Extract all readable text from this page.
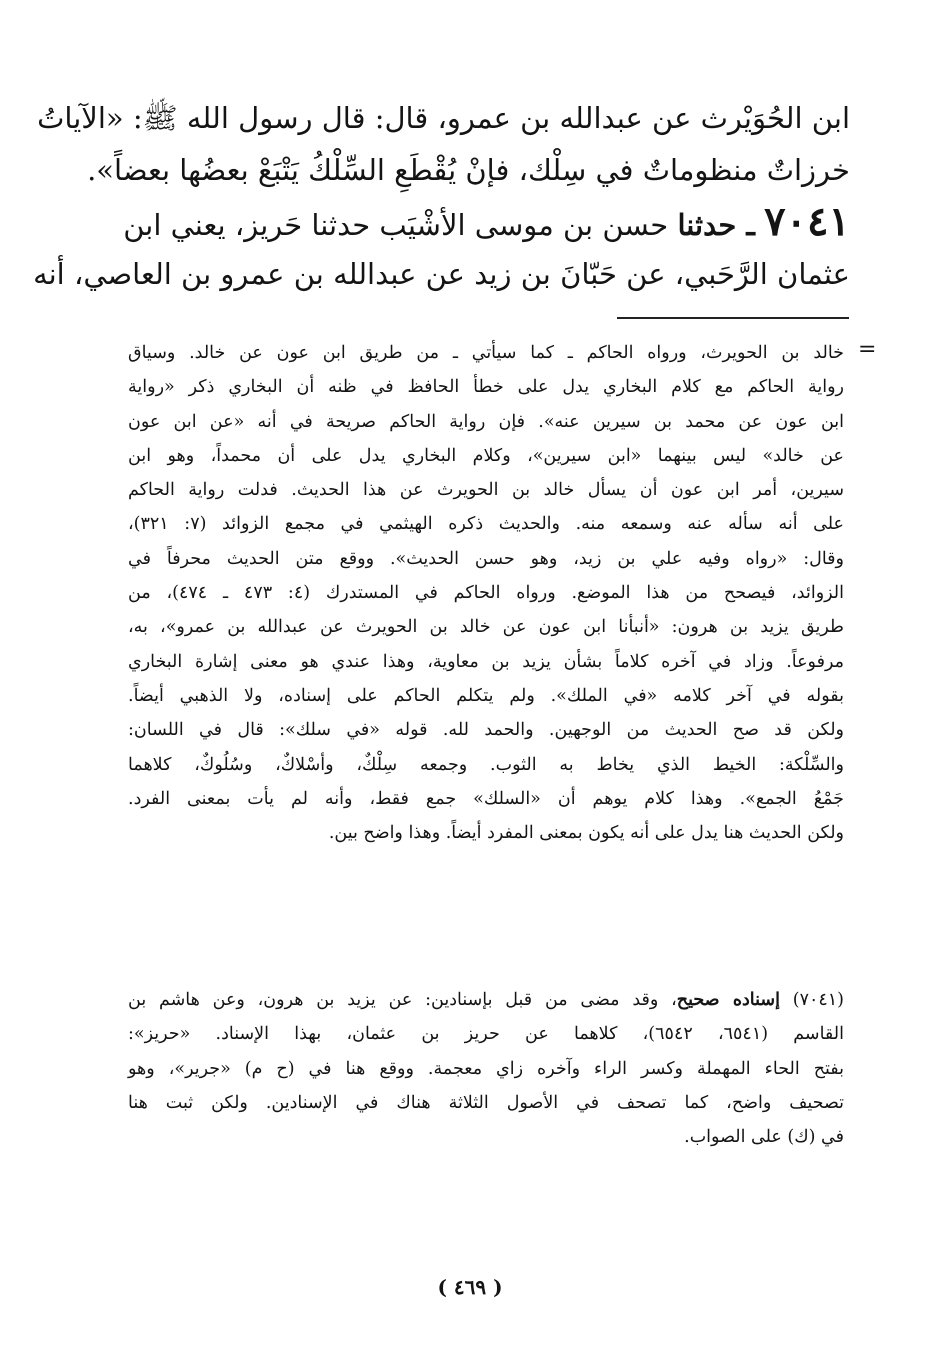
ابن الحُوَيْرث عن عبدالله بن عمرو، قال: قال رسول الله ﷺ: «الآياتُ
خرزاتٌ منظوماتٌ في سِلْك، فإنْ يُقْطَعِ السِّلْكُ يَتْبَعْ بعضُها بعضاً».
٧٠٤١ ـ حدثنا حسن بن موسى الأشْيَب حدثنا حَريز، يعني ابن
عثمان الرَّحَبي، عن حَبّانَ بن زيد عن عبدالله بن عمرو بن العاصي، أنه
=
خالد بن الحويرث، ورواه الحاكم ـ كما سيأتي ـ من طريق ابن عون عن خالد. وسياق
رواية الحاكم مع كلام البخاري يدل على خطأ الحافظ في ظنه أن البخاري ذكر «رواية
ابن عون عن محمد بن سيرين عنه». فإن رواية الحاكم صريحة في أنه «عن ابن عون
عن خالد» ليس بينهما «ابن سيرين»، وكلام البخاري يدل على أن محمداً، وهو ابن
سيرين، أمر ابن عون أن يسأل خالد بن الحويرث عن هذا الحديث. فدلت رواية الحاكم
على أنه سأله عنه وسمعه منه. والحديث ذكره الهيثمي في مجمع الزوائد (٧: ٣٢١)،
وقال: «رواه وفيه علي بن زيد، وهو حسن الحديث». ووقع متن الحديث محرفاً في
الزوائد، فيصحح من هذا الموضع. ورواه الحاكم في المستدرك (٤: ٤٧٣ ـ ٤٧٤)، من
طريق يزيد بن هرون: «أنبأنا ابن عون عن خالد بن الحويرث عن عبدالله بن عمرو»، به،
مرفوعاً. وزاد في آخره كلاماً بشأن يزيد بن معاوية، وهذا عندي هو معنى إشارة البخاري
بقوله في آخر كلامه «في الملك». ولم يتكلم الحاكم على إسناده، ولا الذهبي أيضاً.
ولكن قد صح الحديث من الوجهين. والحمد لله. قوله «في سلك»: قال في اللسان:
والسِّلْكة: الخيط الذي يخاط به الثوب. وجمعه سِلْكٌ، وأسْلاكٌ، وسُلُوكٌ، كلاهما
جَمْعُ الجمع». وهذا كلام يوهم أن «السلك» جمع فقط، وأنه لم يأت بمعنى الفرد.
ولكن الحديث هنا يدل على أنه يكون بمعنى المفرد أيضاً. وهذا واضح بين.
(٧٠٤١) إسناده صحيح، وقد مضى من قبل بإسنادين: عن يزيد بن هرون، وعن هاشم بن
القاسم (٦٥٤١، ٦٥٤٢)، كلاهما عن حريز بن عثمان، بهذا الإسناد. «حريز»:
بفتح الحاء المهملة وكسر الراء وآخره زاي معجمة. ووقع هنا في (ح م) «جرير»، وهو
تصحيف واضح، كما تصحف في الأصول الثلاثة هناك في الإسنادين. ولكن ثبت هنا
في (ك) على الصواب.
( ٤٦٩ )
